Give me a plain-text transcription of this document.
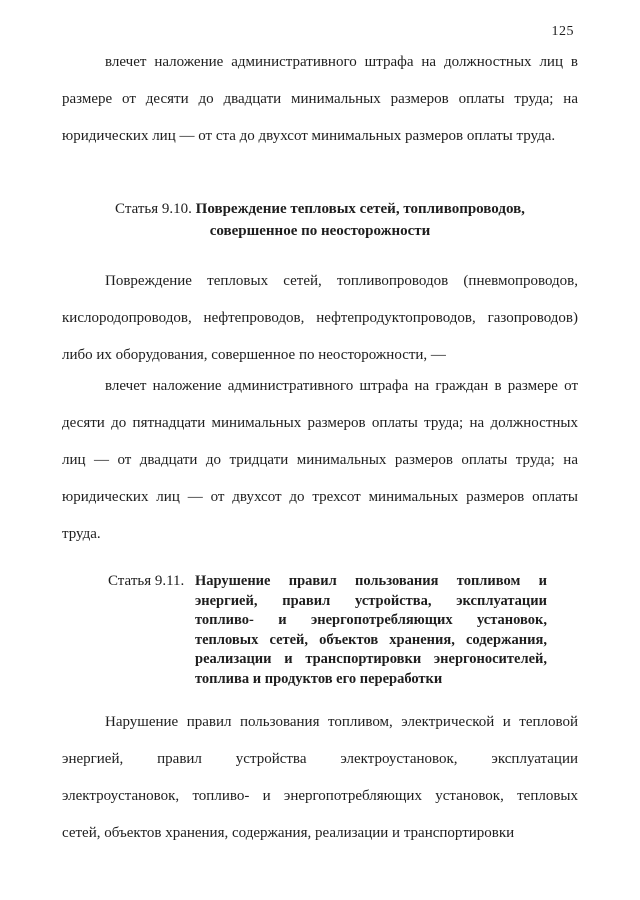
125
влечет наложение административного штрафа на должностных лиц в
размере от десяти до двадцати минимальных размеров оплаты труда; на
юридических лиц — от ста до двухсот минимальных размеров оплаты труда.
Статья 9.10. Повреждение тепловых сетей, топливопроводов,
совершенное по неосторожности
Повреждение тепловых сетей, топливопроводов (пневмопроводов,
кислородопроводов, нефтепроводов, нефтепродуктопроводов, газопроводов)
либо их оборудования, совершенное по неосторожности, —
влечет наложение административного штрафа на граждан в размере от
десяти до пятнадцати минимальных размеров оплаты труда; на должностных
лиц — от двадцати до тридцати минимальных размеров оплаты труда; на
юридических лиц — от двухсот до трехсот минимальных размеров оплаты
труда.
Статья 9.11. Нарушение правил пользования топливом и
энергией, правил устройства, эксплуатации
топливо- и энергопотребляющих установок,
тепловых сетей, объектов хранения, содержания,
реализации и транспортировки энергоносителей,
топлива и продуктов его переработки
Нарушение правил пользования топливом, электрической и тепловой
энергией, правил устройства электроустановок, эксплуатации
электроустановок, топливо- и энергопотребляющих установок, тепловых
сетей, объектов хранения, содержания, реализации и транспортировки
